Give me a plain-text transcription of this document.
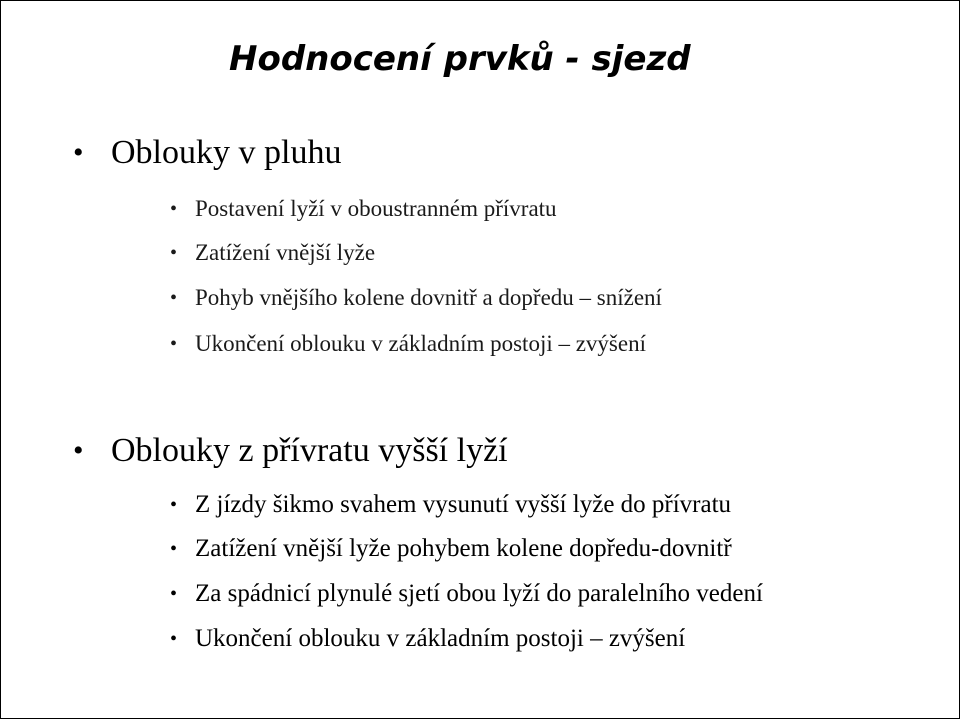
Hodnocení prvků - sjezd
• Oblouky v pluhu
• Postavení lyží v oboustranném přívratu
• Zatížení vnější lyže
• Pohyb vnějšího kolene dovnitř a dopředu – snížení
• Ukončení oblouku v základním postoji – zvýšení
• Oblouky z přívratu vyšší lyží
• Z jízdy šikmo svahem vysunutí vyšší lyže do přívratu
• Zatížení vnější lyže pohybem kolene dopředu-dovnitř
• Za spádnicí plynulé sjetí obou lyží do paralelního vedení
• Ukončení oblouku v základním postoji – zvýšení
